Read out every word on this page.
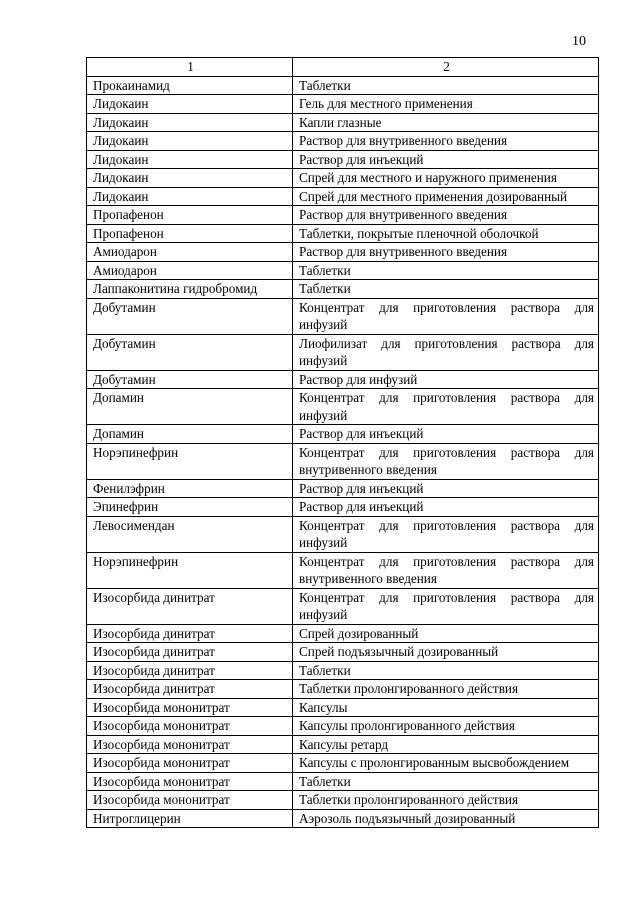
10
1	2
Прокаинамид	Таблетки
Лидокаин	Гель для местного применения
Лидокаин	Капли глазные
Лидокаин	Раствор для внутривенного введения
Лидокаин	Раствор для инъекций
Лидокаин	Спрей для местного и наружного применения
Лидокаин	Спрей для местного применения дозированный
Пропафенон	Раствор для внутривенного введения
Пропафенон	Таблетки, покрытые пленочной оболочкой
Амиодарон	Раствор для внутривенного введения
Амиодарон	Таблетки
Лаппаконитина гидробромид	Таблетки
Добутамин	Концентрат для приготовления раствора для инфузий
Добутамин	Лиофилизат для приготовления раствора для инфузий
Добутамин	Раствор для инфузий
Допамин	Концентрат для приготовления раствора для инфузий
Допамин	Раствор для инъекций
Норэпинефрин	Концентрат для приготовления раствора для внутривенного введения
Фенилэфрин	Раствор для инъекций
Эпинефрин	Раствор для инъекций
Левосимендан	Концентрат для приготовления раствора для инфузий
Норэпинефрин	Концентрат для приготовления раствора для внутривенного введения
Изосорбида динитрат	Концентрат для приготовления раствора для инфузий
Изосорбида динитрат	Спрей дозированный
Изосорбида динитрат	Спрей подъязычный дозированный
Изосорбида динитрат	Таблетки
Изосорбида динитрат	Таблетки пролонгированного действия
Изосорбида мононитрат	Капсулы
Изосорбида мононитрат	Капсулы пролонгированного действия
Изосорбида мононитрат	Капсулы ретард
Изосорбида мононитрат	Капсулы с пролонгированным высвобождением
Изосорбида мононитрат	Таблетки
Изосорбида мононитрат	Таблетки пролонгированного действия
Нитроглицерин	Аэрозоль подъязычный дозированный
